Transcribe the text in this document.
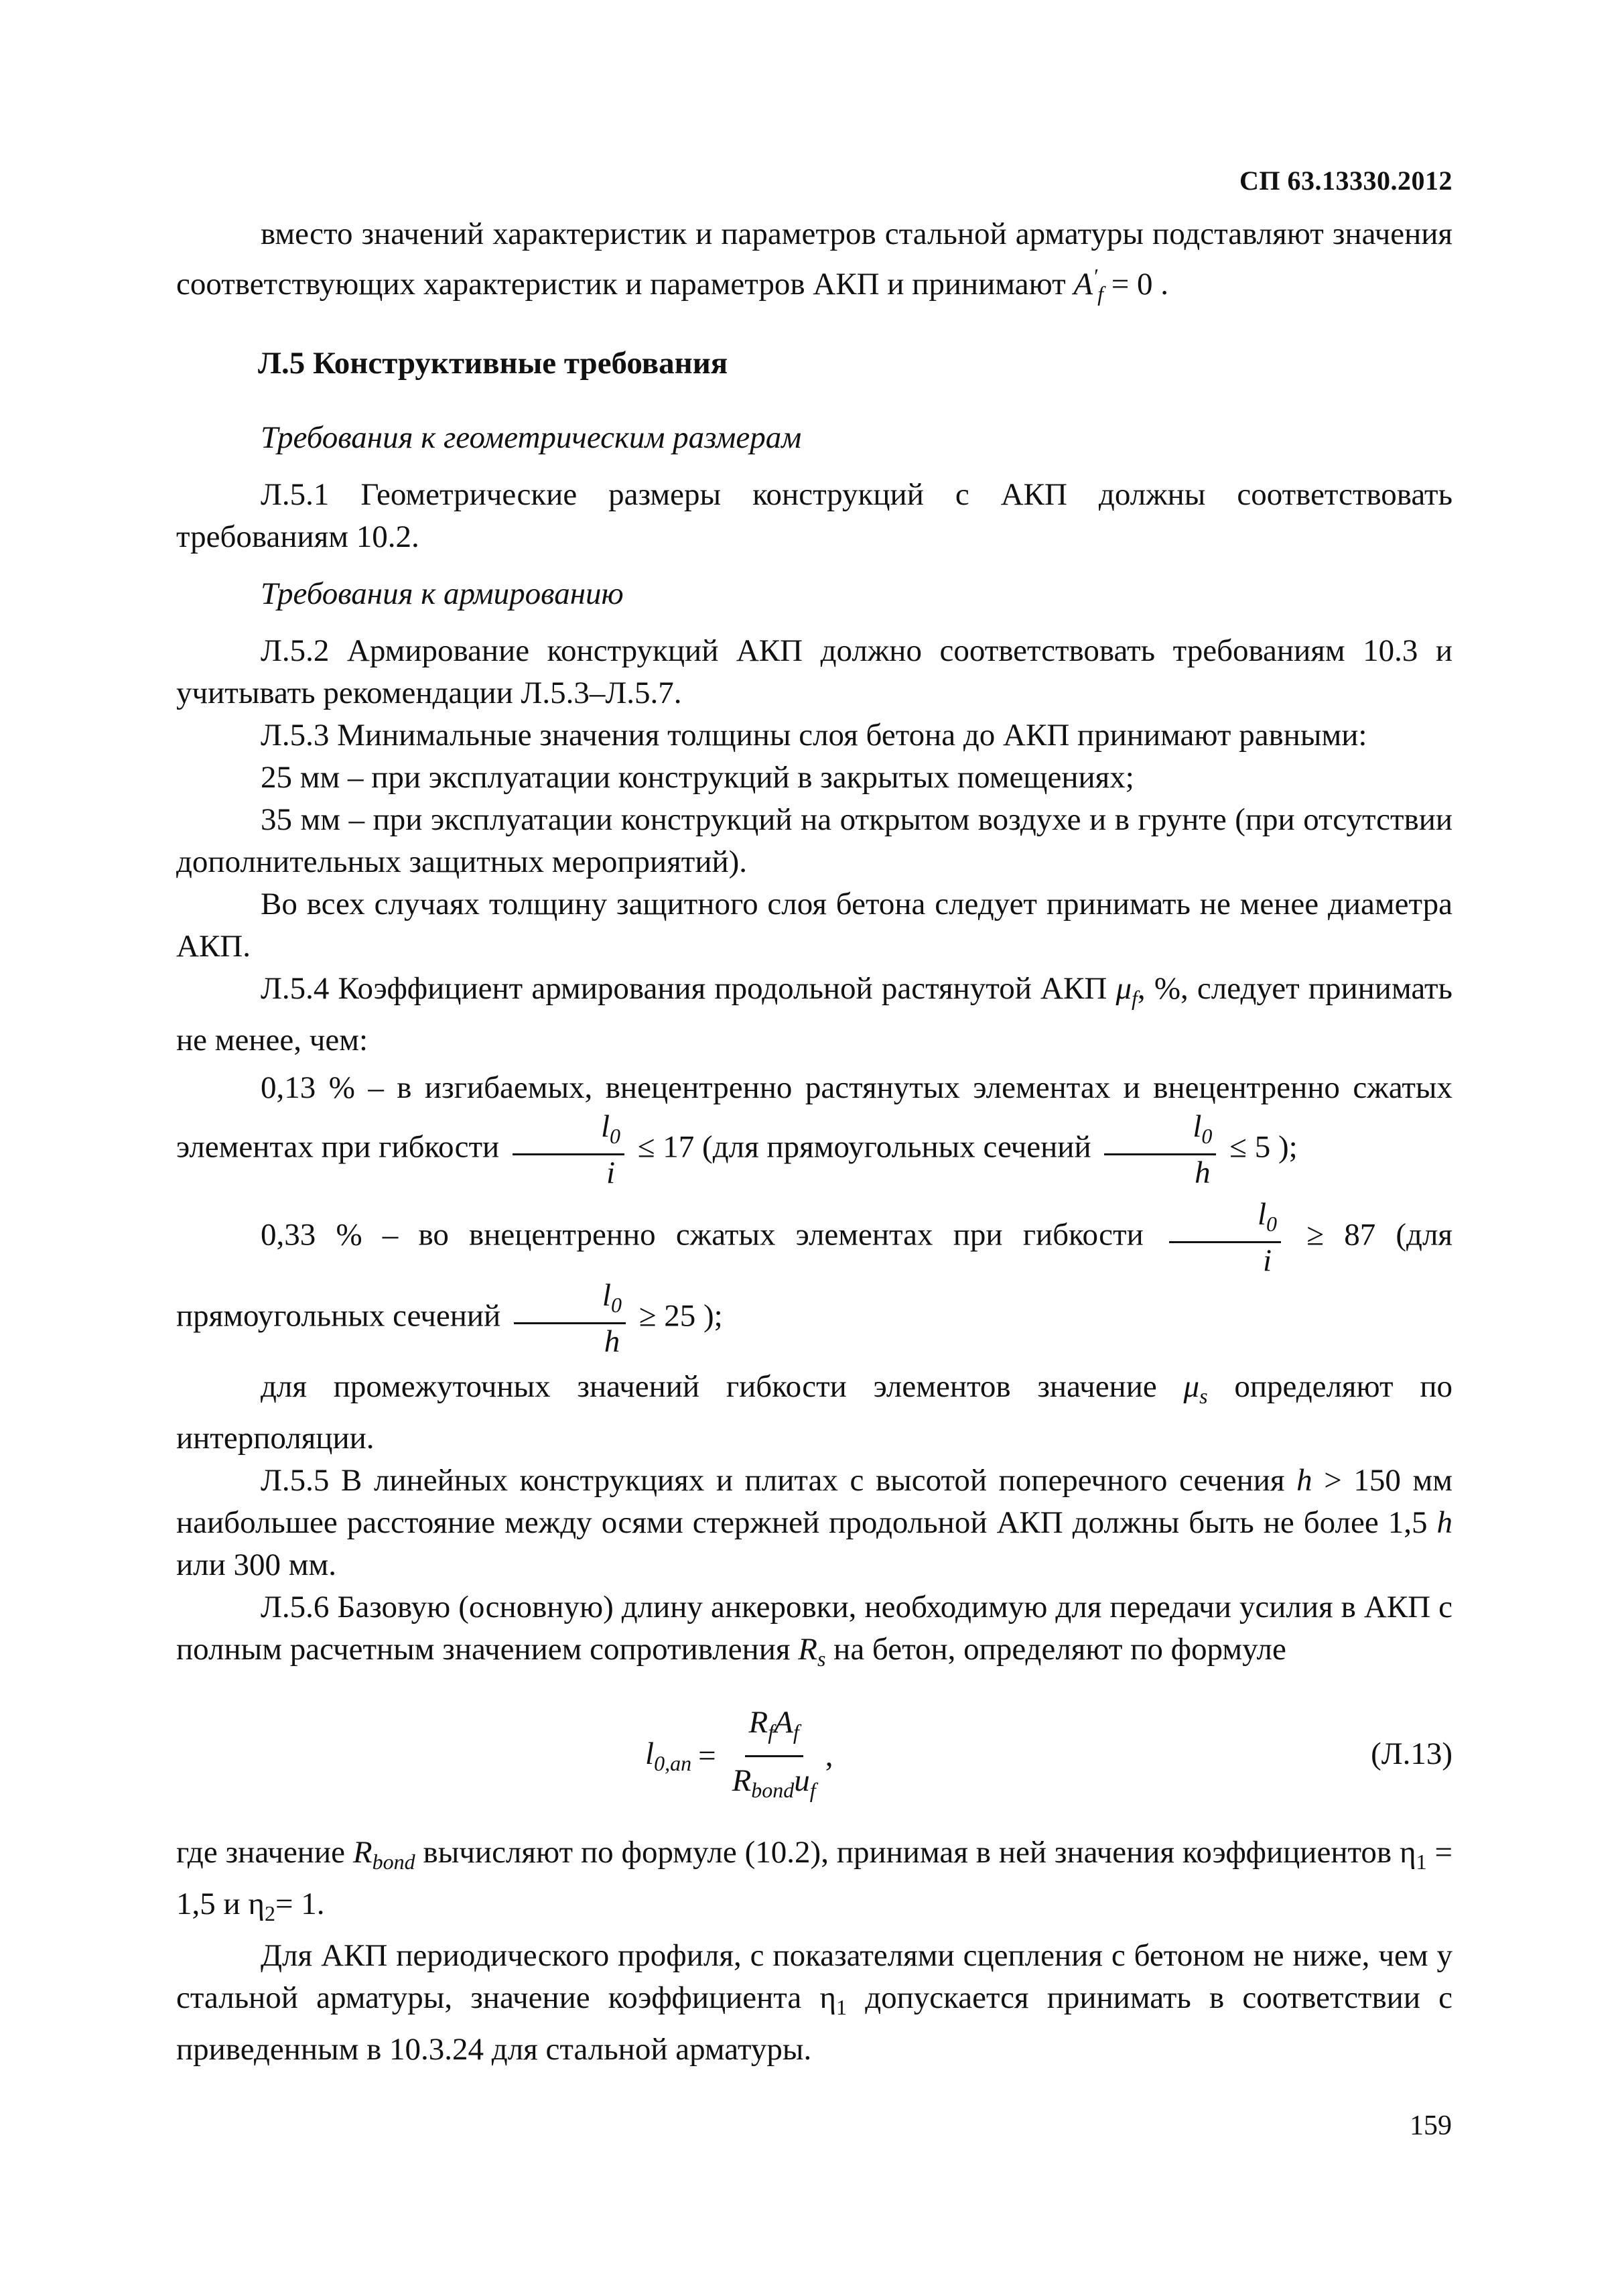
СП 63.13330.2012

вместо значений характеристик и параметров стальной арматуры подставляют значения соответствующих характеристик и параметров АКП и принимают $A'_f = 0$ .

Л.5 Конструктивные требования

Требования к геометрическим размерам

Л.5.1 Геометрические размеры конструкций с АКП должны соответствовать требованиям 10.2.

Требования к армированию

Л.5.2 Армирование конструкций АКП должно соответствовать требованиям 10.3 и учитывать рекомендации Л.5.3–Л.5.7.

Л.5.3 Минимальные значения толщины слоя бетона до АКП принимают равными:

25 мм – при эксплуатации конструкций в закрытых помещениях;

35 мм – при эксплуатации конструкций на открытом воздухе и в грунте (при отсутствии дополнительных защитных мероприятий).

Во всех случаях толщину защитного слоя бетона следует принимать не менее диаметра АКП.

Л.5.4 Коэффициент армирования продольной растянутой АКП $\mu_f$, %, следует принимать не менее, чем:

0,13 % – в изгибаемых, внецентренно растянутых элементах и внецентренно сжатых элементах при гибкости $\frac{l_0}{i} \le 17$ (для прямоугольных сечений $\frac{l_0}{h} \le 5$ );

0,33 % – во внецентренно сжатых элементах при гибкости $\frac{l_0}{i} \ge 87$ (для прямоугольных сечений $\frac{l_0}{h} \ge 25$ );

для промежуточных значений гибкости элементов значение $\mu_s$ определяют по интерполяции.

Л.5.5 В линейных конструкциях и плитах с высотой поперечного сечения h > 150 мм наибольшее расстояние между осями стержней продольной АКП должны быть не более 1,5 h или 300 мм.

Л.5.6 Базовую (основную) длину анкеровки, необходимую для передачи усилия в АКП с полным расчетным значением сопротивления $R_s$ на бетон, определяют по формуле

$l_{0,an} = \frac{R_fA_f}{R_{bond}u_f}$ ,	(Л.13)

где значение $R_{bond}$ вычисляют по формуле (10.2), принимая в ней значения коэффициентов $\eta_1 = 1,5$ и $\eta_2= 1$.

Для АКП периодического профиля, с показателями сцепления с бетоном не ниже, чем у стальной арматуры, значение коэффициента $\eta_1$ допускается принимать в соответствии с приведенным в 10.3.24 для стальной арматуры.

159
